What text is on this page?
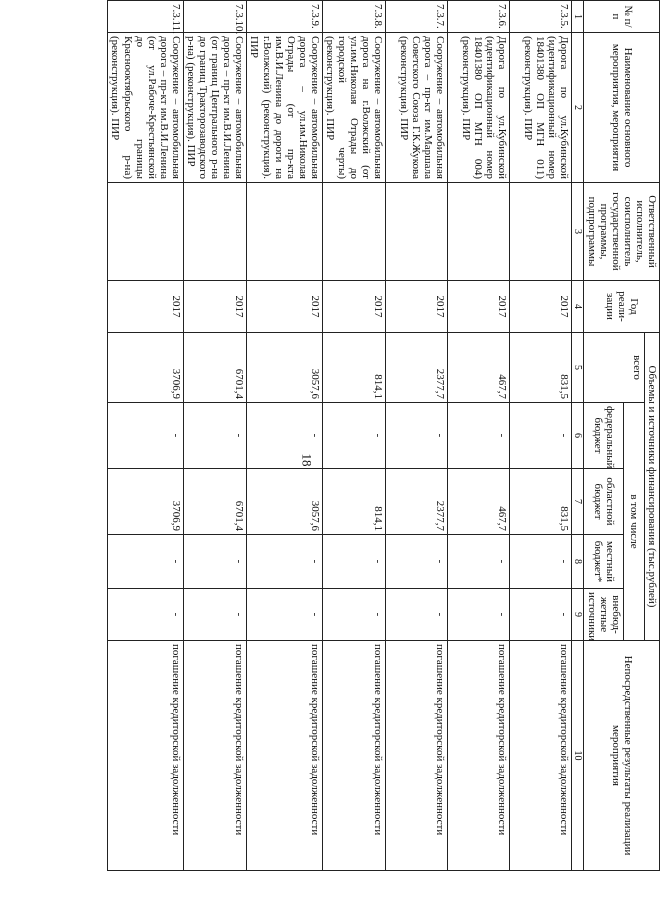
18
№ п/п	Наименование основного мероприятия, мероприятия	Ответственный исполнитель, соисполнитель государственной программы, подпрограммы	Год реали-зации	Объемы и источники финансирования (тыс.рублей)					Непосредственные результаты реализации мероприятия
				всего	в том числе				
					федеральный бюджет	областной бюджет	местный бюджет*	внебюд-жетные источники	
1	2	3	4	5	6	7	8	9	10
7.3.5.	Дорога по ул.Кубинской (идентификационный номер 18401380 ОП МГН 011) (реконструкция). ПИР		2017	831,5	-	831,5	-	-	погашение кредиторской задолженности
7.3.6.	Дорога по ул.Кубинской (идентификационный номер 18401380 ОП МГН 004) (реконструкция). ПИР		2017	467,7	-	467,7	-	-	погашение кредиторской задолженности
7.3.7.	Сооружение – автомобильная дорога – пр-кт им.Маршала Советского Союза Г.К.Жукова (реконструкция). ПИР		2017	2377,7	-	2377,7	-	-	погашение кредиторской задолженности
7.3.8.	Сооружение – автомобильная дорога на г.Волжский (от ул.им.Николая Отрады до городской черты) (реконструкция). ПИР		2017	814,1	-	814,1	-	-	погашение кредиторской задолженности
7.3.9.	Сооружение – автомобильная дорога – ул.им.Николая Отрады (от пр-кта им.В.И.Ленина до дороги на г.Волжский) (реконструкция). ПИР		2017	3057,6	-	3057,6	-	-	погашение кредиторской задолженности
7.3.10.	Сооружение – автомобильная дорога – пр-кт им.В.И.Ленина (от границ Центрального р-на до границ Тракторозаводского р-на) (реконструкция). ПИР		2017	6701,4	-	6701,4	-	-	погашение кредиторской задолженности
7.3.11.	Сооружение – автомобильная дорога – пр-кт им.В.И.Ленина (от ул.Рабоче-Крестьянской до границы Краснооктябрьского р-на) (реконструкция). ПИР		2017	3706,9	-	3706,9	-	-	погашение кредиторской задолженности
